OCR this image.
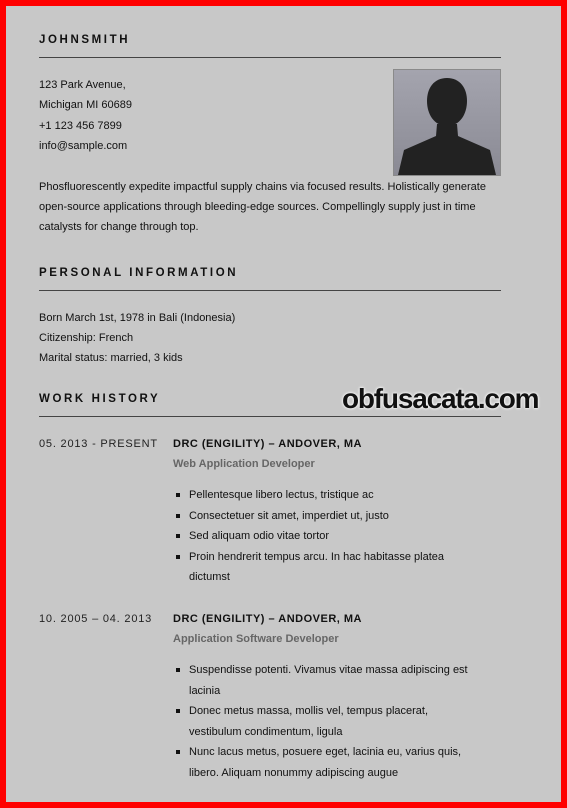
JOHNSMITH
123 Park Avenue,
Michigan MI 60689
+1 123 456 7899
info@sample.com
Phosfluorescently expedite impactful supply chains via focused results. Holistically generate open-source applications through bleeding-edge sources. Compellingly supply just in time catalysts for change through top.
PERSONAL INFORMATION
Born March 1st, 1978 in Bali (Indonesia)
Citizenship: French
Marital status: married, 3 kids
WORK HISTORY
05. 2013 - PRESENT DRC (ENGILITY) – ANDOVER, MA
Web Application Developer
Pellentesque libero lectus, tristique ac
Consectetuer sit amet, imperdiet ut, justo
Sed aliquam odio vitae tortor
Proin hendrerit tempus arcu. In hac habitasse platea dictumst
10. 2005 – 04. 2013 DRC (ENGILITY) – ANDOVER, MA
Application Software Developer
Suspendisse potenti. Vivamus vitae massa adipiscing est lacinia
Donec metus massa, mollis vel, tempus placerat, vestibulum condimentum, ligula
Nunc lacus metus, posuere eget, lacinia eu, varius quis, libero. Aliquam nonummy adipiscing augue
obfusacata.com
